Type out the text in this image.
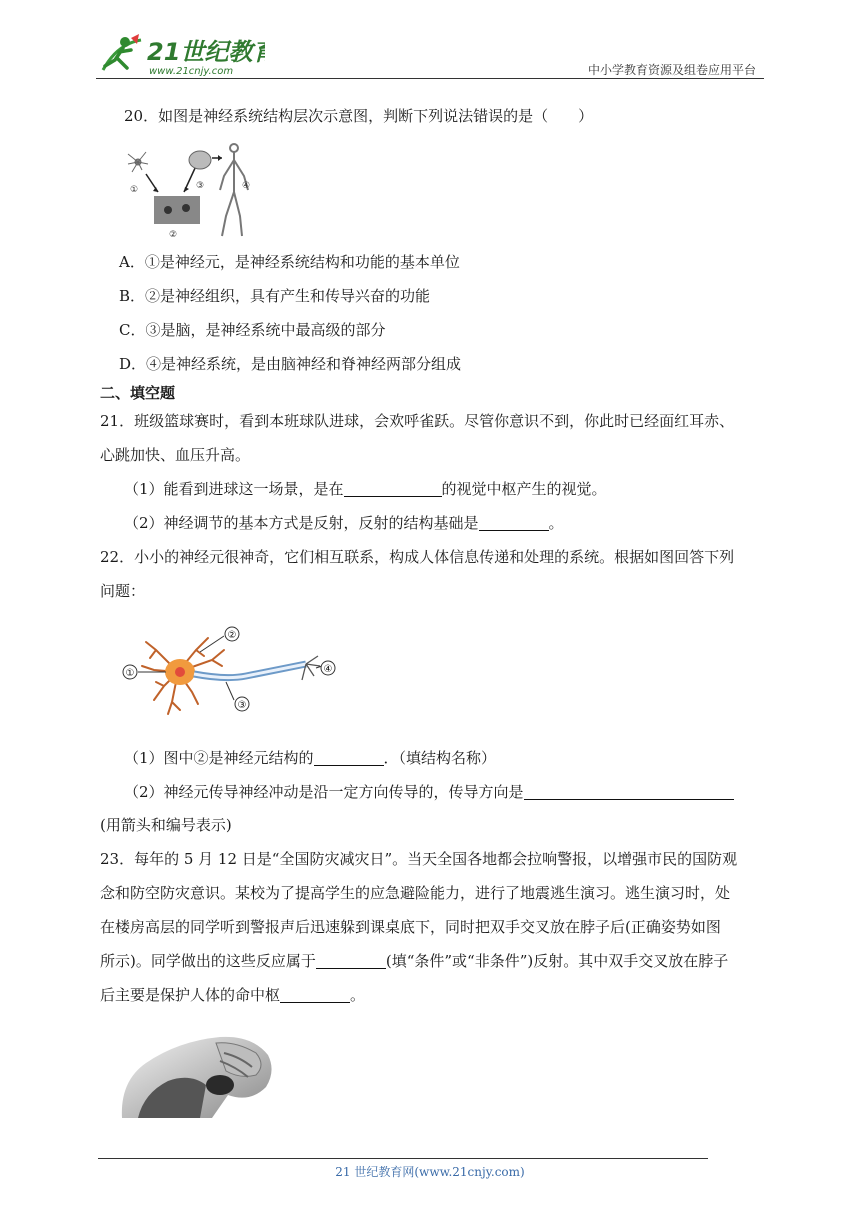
21世纪教育
www.21cnjy.com	中小学教育资源及组卷应用平台
20．如图是神经系统结构层次示意图，判断下列说法错误的是（　　）
①
②
③	④
A．①是神经元，是神经系统结构和功能的基本单位
B．②是神经组织，具有产生和传导兴奋的功能
C．③是脑，是神经系统中最高级的部分
D．④是神经系统，是由脑神经和脊神经两部分组成
二、填空题
21．班级篮球赛时，看到本班球队进球，会欢呼雀跃。尽管你意识不到，你此时已经面红耳赤、
心跳加快、血压升高。
（1）能看到进球这一场景，是在	的视觉中枢产生的视觉。
（2）神经调节的基本方式是反射，反射的结构基础是	。
22．小小的神经元很神奇，它们相互联系，构成人体信息传递和处理的系统。根据如图回答下列
问题：
①
②
③
④
（1）图中②是神经元结构的	．（填结构名称）
（2）神经元传导神经冲动是沿一定方向传导的，传导方向是
(用箭头和编号表示)
23．每年的 5 月 12 日是“全国防灾减灾日”。当天全国各地都会拉响警报，以增强市民的国防观
念和防空防灾意识。某校为了提高学生的应急避险能力，进行了地震逃生演习。逃生演习时，处
在楼房高层的同学听到警报声后迅速躲到课桌底下，同时把双手交叉放在脖子后(正确姿势如图
所示)。同学做出的这些反应属于	(填“条件”或“非条件”)反射。其中双手交叉放在脖子
后主要是保护人体的命中枢	。
21 世纪教育网(www.21cnjy.com)
